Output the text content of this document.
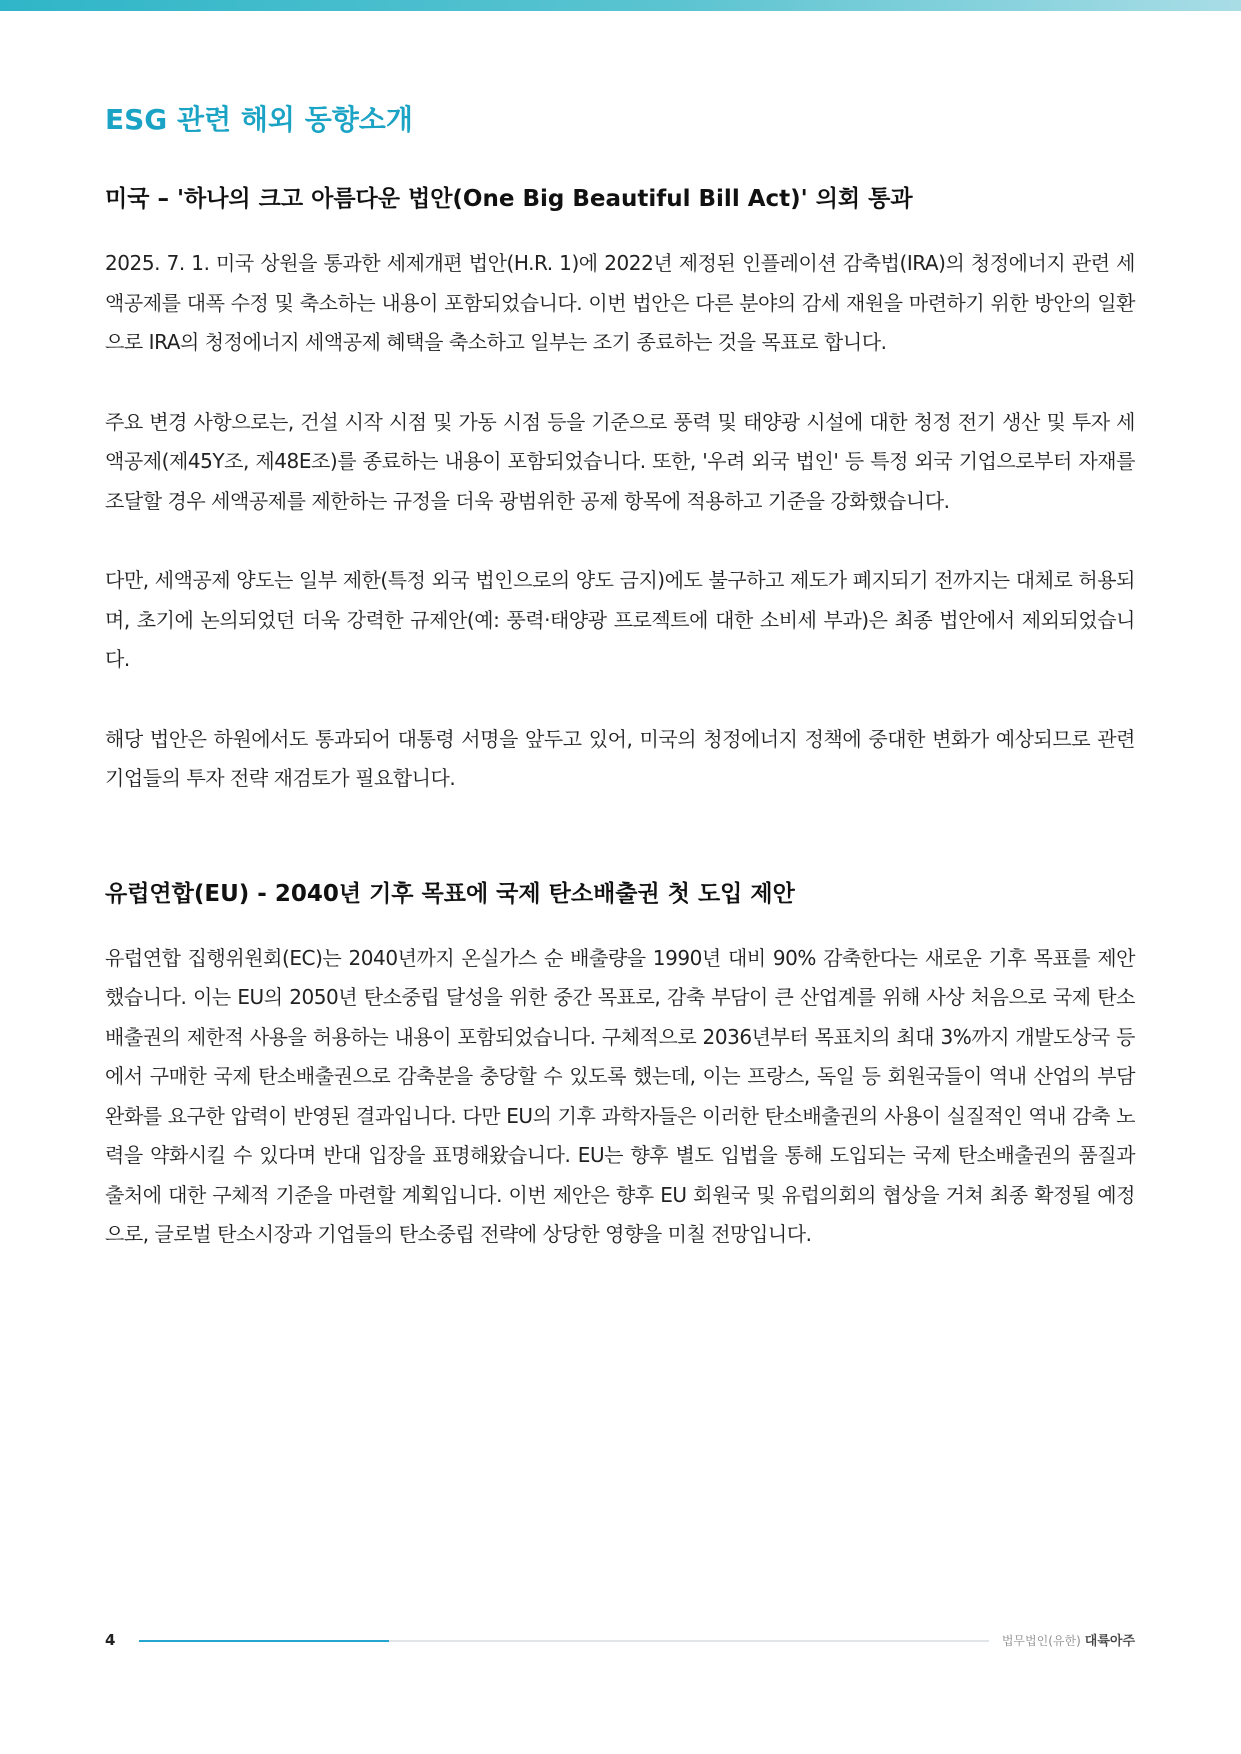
ESG 관련 해외 동향소개
미국 – '하나의 크고 아름다운 법안(One Big Beautiful Bill Act)' 의회 통과

2025. 7. 1. 미국 상원을 통과한 세제개편 법안(H.R. 1)에 2022년 제정된 인플레이션 감축법(IRA)의 청정에너지 관련 세액공제를 대폭 수정 및 축소하는 내용이 포함되었습니다. 이번 법안은 다른 분야의 감세 재원을 마련하기 위한 방안의 일환으로 IRA의 청정에너지 세액공제 혜택을 축소하고 일부는 조기 종료하는 것을 목표로 합니다.

주요 변경 사항으로는, 건설 시작 시점 및 가동 시점 등을 기준으로 풍력 및 태양광 시설에 대한 청정 전기 생산 및 투자 세액공제(제45Y조, 제48E조)를 종료하는 내용이 포함되었습니다. 또한, '우려 외국 법인' 등 특정 외국 기업으로부터 자재를 조달할 경우 세액공제를 제한하는 규정을 더욱 광범위한 공제 항목에 적용하고 기준을 강화했습니다.

다만, 세액공제 양도는 일부 제한(특정 외국 법인으로의 양도 금지)에도 불구하고 제도가 폐지되기 전까지는 대체로 허용되며, 초기에 논의되었던 더욱 강력한 규제안(예: 풍력·태양광 프로젝트에 대한 소비세 부과)은 최종 법안에서 제외되었습니다.

해당 법안은 하원에서도 통과되어 대통령 서명을 앞두고 있어, 미국의 청정에너지 정책에 중대한 변화가 예상되므로 관련 기업들의 투자 전략 재검토가 필요합니다.

유럽연합(EU) - 2040년 기후 목표에 국제 탄소배출권 첫 도입 제안

유럽연합 집행위원회(EC)는 2040년까지 온실가스 순 배출량을 1990년 대비 90% 감축한다는 새로운 기후 목표를 제안했습니다. 이는 EU의 2050년 탄소중립 달성을 위한 중간 목표로, 감축 부담이 큰 산업계를 위해 사상 처음으로 국제 탄소배출권의 제한적 사용을 허용하는 내용이 포함되었습니다. 구체적으로 2036년부터 목표치의 최대 3%까지 개발도상국 등에서 구매한 국제 탄소배출권으로 감축분을 충당할 수 있도록 했는데, 이는 프랑스, 독일 등 회원국들이 역내 산업의 부담 완화를 요구한 압력이 반영된 결과입니다. 다만 EU의 기후 과학자들은 이러한 탄소배출권의 사용이 실질적인 역내 감축 노력을 약화시킬 수 있다며 반대 입장을 표명해왔습니다. EU는 향후 별도 입법을 통해 도입되는 국제 탄소배출권의 품질과 출처에 대한 구체적 기준을 마련할 계획입니다. 이번 제안은 향후 EU 회원국 및 유럽의회의 협상을 거쳐 최종 확정될 예정으로, 글로벌 탄소시장과 기업들의 탄소중립 전략에 상당한 영향을 미칠 전망입니다.

4	법무법인(유한) 대륙아주
